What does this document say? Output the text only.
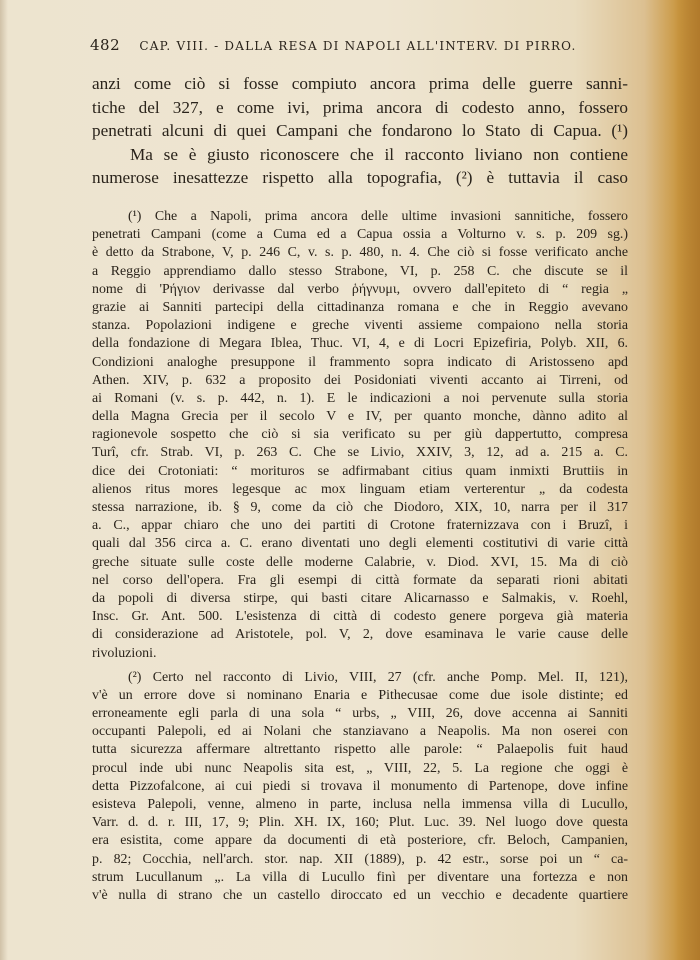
482 CAP. VIII. - DALLA RESA DI NAPOLI ALL'INTERV. DI PIRRO.
anzi come ciò si fosse compiuto ancora prima delle guerre sanni-
tiche del 327, e come ivi, prima ancora di codesto anno, fossero
penetrati alcuni di quei Campani che fondarono lo Stato di Capua. (¹)
Ma se è giusto riconoscere che il racconto liviano non contiene
numerose inesattezze rispetto alla topografia, (²) è tuttavia il caso
(¹) Che a Napoli, prima ancora delle ultime invasioni sannitiche, fossero
penetrati Campani (come a Cuma ed a Capua ossia a Volturno v. s. p. 209 sg.)
è detto da Strabone, V, p. 246 C, v. s. p. 480, n. 4. Che ciò si fosse verificato anche
a Reggio apprendiamo dallo stesso Strabone, VI, p. 258 C. che discute se il
nome di 'Ρήγιον derivasse dal verbo ῥήγνυμι, ovvero dall'epiteto di “ regia „
grazie ai Sanniti partecipi della cittadinanza romana e che in Reggio avevano
stanza. Popolazioni indigene e greche viventi assieme compaiono nella storia
della fondazione di Megara Iblea, Thuc. VI, 4, e di Locri Epizefiria, Polyb. XII, 6.
Condizioni analoghe presuppone il frammento sopra indicato di Aristosseno apd
Athen. XIV, p. 632 a proposito dei Posidoniati viventi accanto ai Tirreni, od
ai Romani (v. s. p. 442, n. 1). E le indicazioni a noi pervenute sulla storia
della Magna Grecia per il secolo V e IV, per quanto monche, dànno adito al
ragionevole sospetto che ciò si sia verificato su per giù dappertutto, compresa
Turî, cfr. Strab. VI, p. 263 C. Che se Livio, XXIV, 3, 12, ad a. 215 a. C.
dice dei Crotoniati: “ morituros se adfirmabant citius quam inmixti Bruttiis in
alienos ritus mores legesque ac mox linguam etiam verterentur „ da codesta
stessa narrazione, ib. § 9, come da ciò che Diodoro, XIX, 10, narra per il 317
a. C., appar chiaro che uno dei partiti di Crotone fraternizzava con i Bruzî, i
quali dal 356 circa a. C. erano diventati uno degli elementi costitutivi di varie città
greche situate sulle coste delle moderne Calabrie, v. Diod. XVI, 15. Ma di ciò
nel corso dell'opera. Fra gli esempi di città formate da separati rioni abitati
da popoli di diversa stirpe, qui basti citare Alicarnasso e Salmakis, v. Roehl,
Insc. Gr. Ant. 500. L'esistenza di città di codesto genere porgeva già materia
di considerazione ad Aristotele, pol. V, 2, dove esaminava le varie cause delle
rivoluzioni.
(²) Certo nel racconto di Livio, VIII, 27 (cfr. anche Pomp. Mel. II, 121),
v'è un errore dove si nominano Enaria e Pithecusae come due isole distinte; ed
erroneamente egli parla di una sola “ urbs, „ VIII, 26, dove accenna ai Sanniti
occupanti Palepoli, ed ai Nolani che stanziavano a Neapolis. Ma non oserei con
tutta sicurezza affermare altrettanto rispetto alle parole: “ Palaepolis fuit haud
procul inde ubi nunc Neapolis sita est, „ VIII, 22, 5. La regione che oggi è
detta Pizzofalcone, ai cui piedi si trovava il monumento di Partenope, dove infine
esisteva Palepoli, venne, almeno in parte, inclusa nella immensa villa di Lucullo,
Varr. d. d. r. III, 17, 9; Plin. XH. IX, 160; Plut. Luc. 39. Nel luogo dove questa
era esistita, come appare da documenti di età posteriore, cfr. Beloch, Campanien,
p. 82; Cocchia, nell'arch. stor. nap. XII (1889), p. 42 estr., sorse poi un “ ca-
strum Lucullanum „. La villa di Lucullo finì per diventare una fortezza e non
v'è nulla di strano che un castello diroccato ed un vecchio e decadente quartiere
